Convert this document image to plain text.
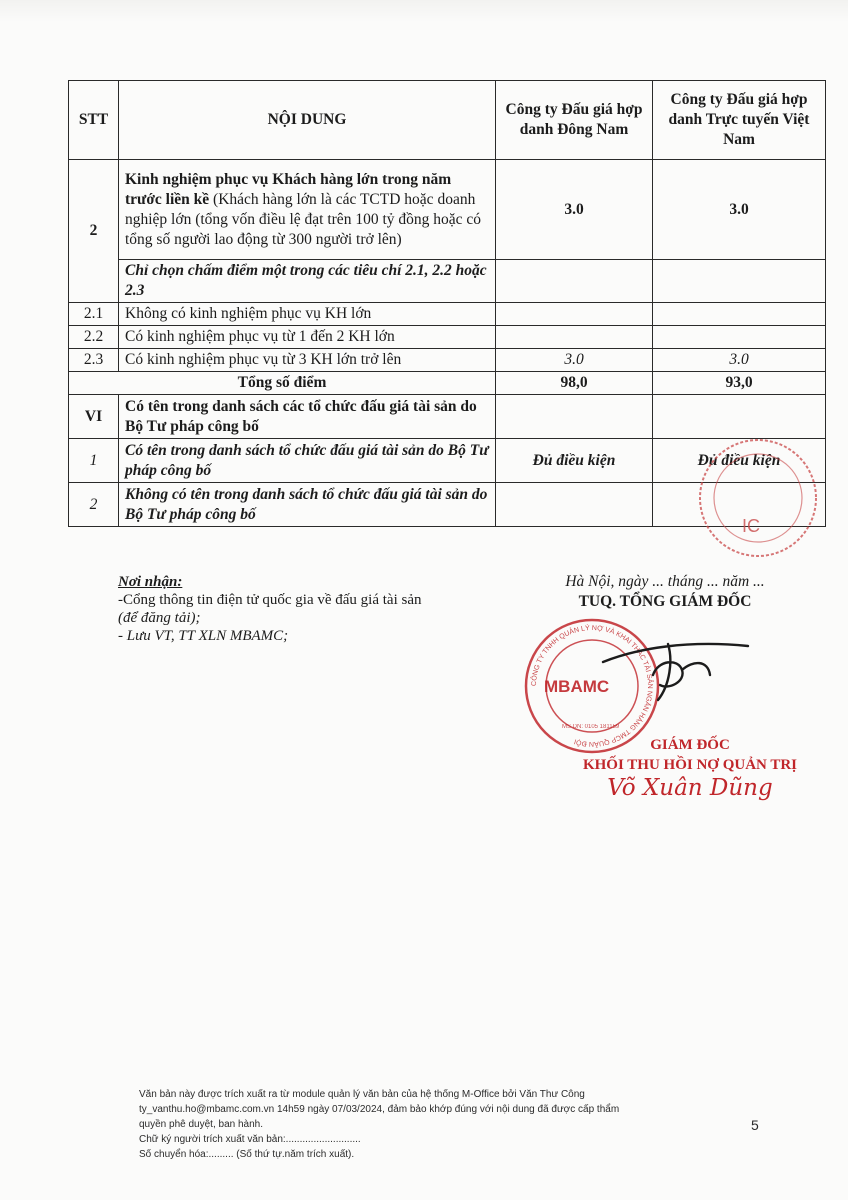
STT	NỘI DUNG	Công ty Đấu giá hợp danh Đông Nam	Công ty Đấu giá hợp danh Trực tuyến Việt Nam
2	Kinh nghiệm phục vụ Khách hàng lớn trong năm trước liền kề (Khách hàng lớn là các TCTD hoặc doanh nghiệp lớn (tổng vốn điều lệ đạt trên 100 tỷ đồng hoặc có tổng số người lao động từ 300 người trở lên)	3.0	3.0
	Chỉ chọn chấm điểm một trong các tiêu chí 2.1, 2.2 hoặc 2.3		
2.1	Không có kinh nghiệm phục vụ KH lớn		
2.2	Có kinh nghiệm phục vụ từ 1 đến 2 KH lớn		
2.3	Có kinh nghiệm phục vụ từ 3 KH lớn trở lên	3.0	3.0
Tổng số điểm		98,0	93,0
VI	Có tên trong danh sách các tổ chức đấu giá tài sản do Bộ Tư pháp công bố		
1	Có tên trong danh sách tổ chức đấu giá tài sản do Bộ Tư pháp công bố	Đủ điều kiện	Đủ điều kiện
2	Không có tên trong danh sách tổ chức đấu giá tài sản do Bộ Tư pháp công bố		
IC
Nơi nhận:
-Cổng thông tin điện tử quốc gia về đấu giá tài sản
(để đăng tải);
- Lưu VT, TT XLN MBAMC;
Hà Nội, ngày ... tháng ... năm ...
TUQ. TỔNG GIÁM ĐỐC
CÔNG TY TNHH QUẢN LÝ NỢ VÀ KHAI THÁC TÀI SẢN NGÂN HÀNG TMCP QUÂN ĐỘI
MBAMC
MS DN: 0105 181159
GIÁM ĐỐC
KHỐI THU HỒI NỢ QUẢN TRỊ
Võ Xuân Dũng
Văn bản này được trích xuất ra từ module quản lý văn bản của hệ thống M-Office bởi Văn Thư Công
ty_vanthu.ho@mbamc.com.vn 14h59 ngày 07/03/2024, đảm bảo khớp đúng với nội dung đã được cấp thẩm
quyền phê duyệt, ban hành.
Chữ ký người trích xuất văn bản:...........................
Số chuyển hóa:......... (Số thứ tự.năm trích xuất).
5
